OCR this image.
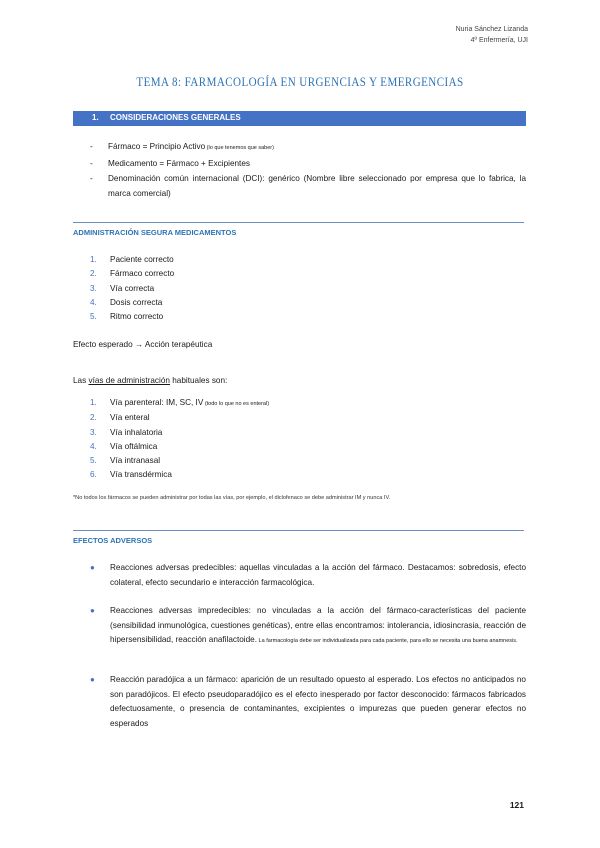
Nuria Sánchez Lizanda
4º Enfermería, UJI
TEMA 8: FARMACOLOGÍA EN URGENCIAS Y EMERGENCIAS
1. CONSIDERACIONES GENERALES
- Fármaco = Principio Activo (lo que tenemos que saber)
- Medicamento = Fármaco + Excipientes
- Denominación común internacional (DCI): genérico (Nombre libre seleccionado por empresa que lo fabrica, la marca comercial)
ADMINISTRACIÓN SEGURA MEDICAMENTOS
1. Paciente correcto
2. Fármaco correcto
3. Vía correcta
4. Dosis correcta
5. Ritmo correcto
Efecto esperado → Acción terapéutica
Las vías de administración habituales son:
1. Vía parenteral: IM, SC, IV (todo lo que no es enteral)
2. Vía enteral
3. Vía inhalatoria
4. Vía oftálmica
5. Vía intranasal
6. Vía transdérmica
*No todos los fármacos se pueden administrar por todas las vías, por ejemplo, el diclofenaco se debe administrar IM y nunca IV.
EFECTOS ADVERSOS
● Reacciones adversas predecibles: aquellas vinculadas a la acción del fármaco. Destacamos: sobredosis, efecto colateral, efecto secundario e interacción farmacológica.
● Reacciones adversas impredecibles: no vinculadas a la acción del fármaco-características del paciente (sensibilidad inmunológica, cuestiones genéticas), entre ellas encontramos: intolerancia, idiosincrasia, reacción de hipersensibilidad, reacción anafilactoide. La farmacología debe ser individualizada para cada paciente, para ello se necesita una buena anamnesis.
● Reacción paradójica a un fármaco: aparición de un resultado opuesto al esperado. Los efectos no anticipados no son paradójicos. El efecto pseudoparadójico es el efecto inesperado por factor desconocido: fármacos fabricados defectuosamente, o presencia de contaminantes, excipientes o impurezas que pueden generar efectos no esperados
121
